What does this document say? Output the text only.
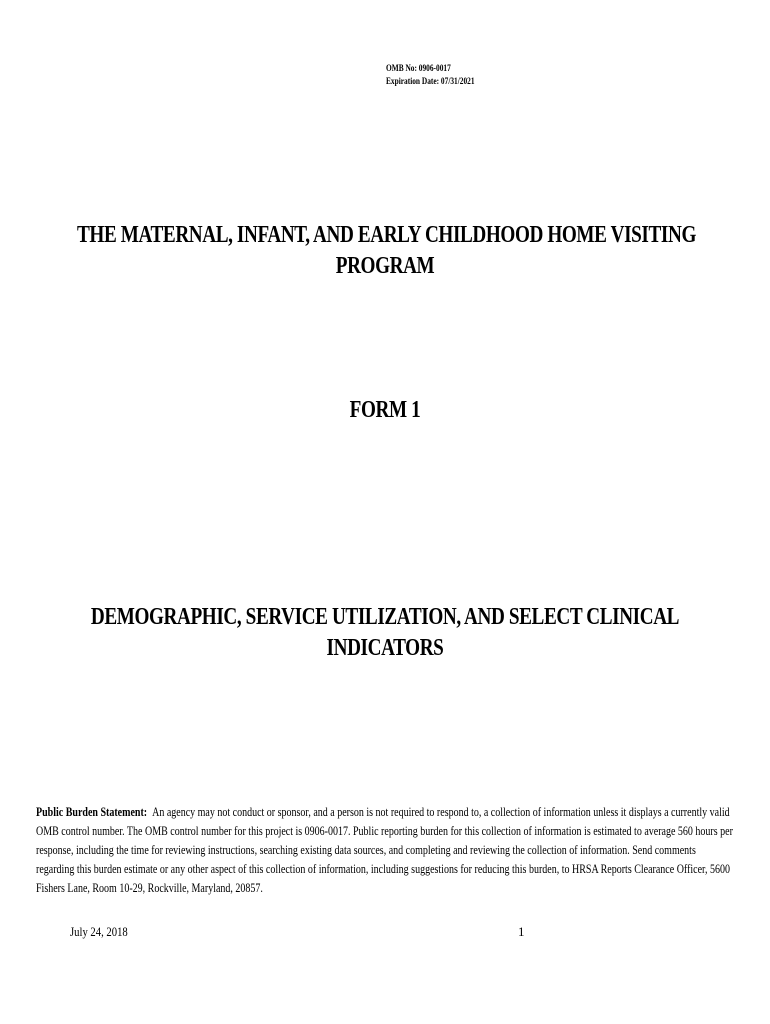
OMB No: 0906-0017
Expiration Date: 07/31/2021
THE MATERNAL, INFANT, AND EARLY CHILDHOOD HOME VISITING
PROGRAM
FORM 1
DEMOGRAPHIC, SERVICE UTILIZATION, AND SELECT CLINICAL
INDICATORS
Public Burden Statement: An agency may not conduct or sponsor, and a person is not required to respond to, a collection of information unless it displays a currently valid OMB control number. The OMB control number for this project is 0906-0017. Public reporting burden for this collection of information is estimated to average 560 hours per response, including the time for reviewing instructions, searching existing data sources, and completing and reviewing the collection of information. Send comments regarding this burden estimate or any other aspect of this collection of information, including suggestions for reducing this burden, to HRSA Reports Clearance Officer, 5600 Fishers Lane, Room 10-29, Rockville, Maryland, 20857.
July 24, 2018	1
